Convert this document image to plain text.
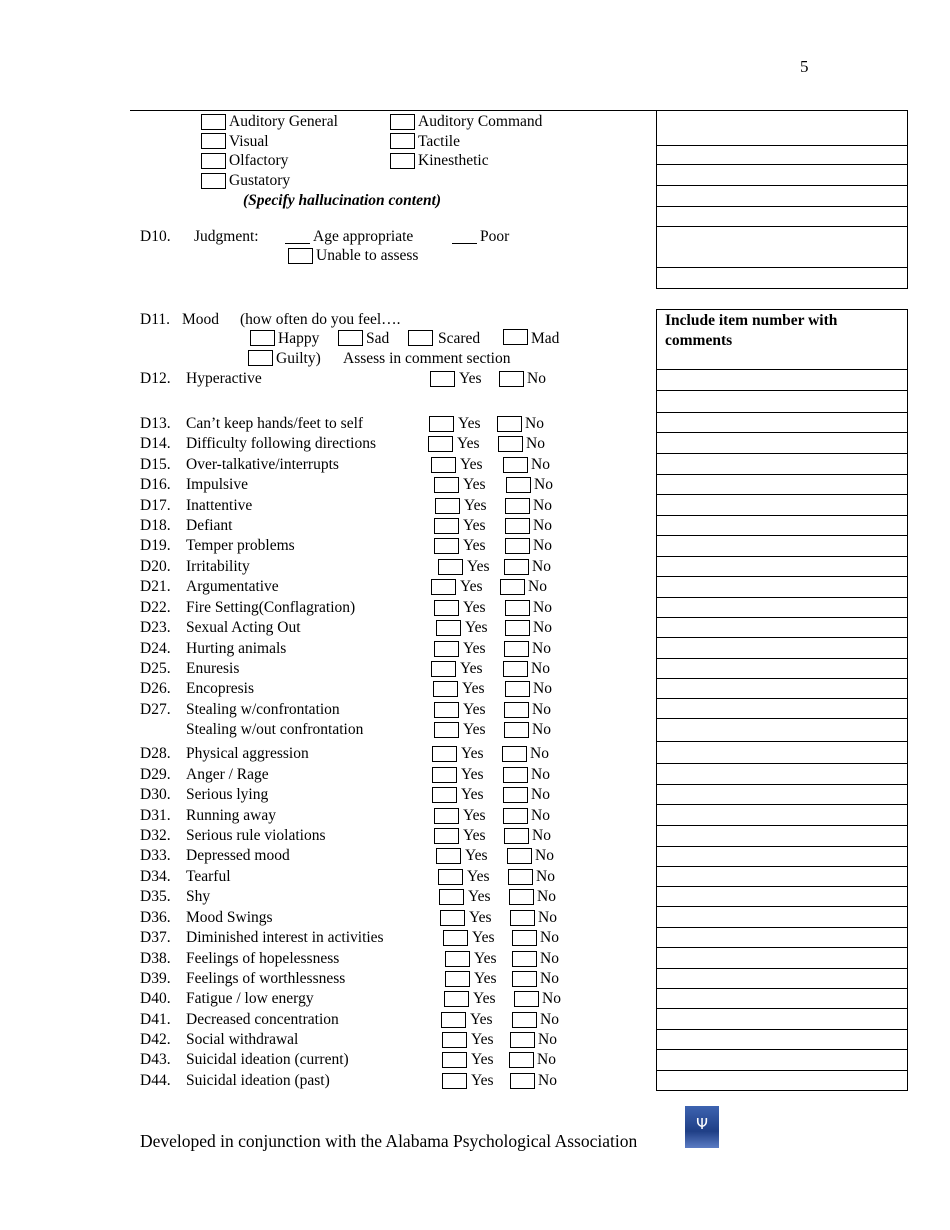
5
Auditory General	Auditory Command
Visual	Tactile
Olfactory	Kinesthetic
Gustatory
(Specify hallucination content)
D10. Judgment:	Age appropriate	Poor
Unable to assess
D11. Mood (how often do you feel….
Happy	Sad	Scared	Mad
Guilty) Assess in comment section
Include item number with comments
D12. Hyperactive	Yes	No
D13. Can’t keep hands/feet to self	Yes	No
D14. Difficulty following directions	Yes	No
D15. Over-talkative/interrupts	Yes	No
D16. Impulsive	Yes	No
D17. Inattentive	Yes	No
D18. Defiant	Yes	No
D19. Temper problems	Yes	No
D20. Irritability	Yes	No
D21. Argumentative	Yes	No
D22. Fire Setting(Conflagration)	Yes	No
D23. Sexual Acting Out	Yes	No
D24. Hurting animals	Yes	No
D25. Enuresis	Yes	No
D26. Encopresis	Yes	No
D27. Stealing w/confrontation	Yes	No
Stealing w/out confrontation	Yes	No
D28. Physical aggression	Yes	No
D29. Anger / Rage	Yes	No
D30. Serious lying	Yes	No
D31. Running away	Yes	No
D32. Serious rule violations	Yes	No
D33. Depressed mood	Yes	No
D34. Tearful	Yes	No
D35. Shy	Yes	No
D36. Mood Swings	Yes	No
D37. Diminished interest in activities	Yes	No
D38. Feelings of hopelessness	Yes	No
D39. Feelings of worthlessness	Yes	No
D40. Fatigue / low energy	Yes	No
D41. Decreased concentration	Yes	No
D42. Social withdrawal	Yes	No
D43. Suicidal ideation (current)	Yes	No
D44. Suicidal ideation (past)	Yes	No
Developed in conjunction with the Alabama Psychological Association
Ψ
